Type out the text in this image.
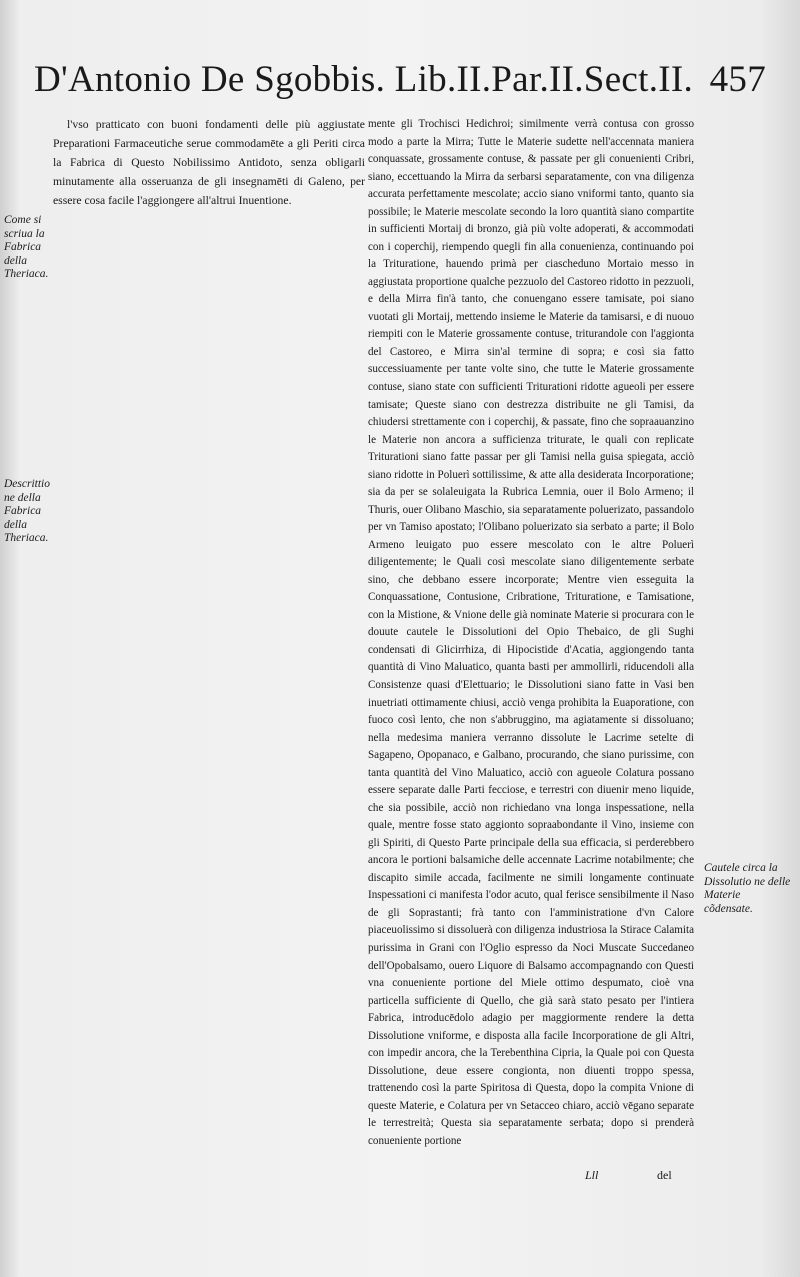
D'Antonio De Sgobbis. Lib.II.Par.II.Sect.II. 457
Come si scriua la Fabrica della Theriaca.
Descrittio ne della Fabrica della Theriaca.
Cautele circa la Dissolutio ne delle Materie cõdensate.

l'vso pratticato con buoni fondamenti delle più aggiustate Preparationi Farmaceutiche serue commodamēte a gli Periti circa la Fabrica di Questo Nobilissimo Antidoto, senza obligarli minutamente alla osseruanza de gli insegnamēti di Galeno, per essere cosa facile l'aggiongere all'altrui Inuentione.

mente gli Trochisci Hedichroi; similmente verrà contusa con grosso modo a parte la Mirra; Tutte le Materie sudette nell'accennata maniera conquassate, grossamente contuse, & passate per gli conuenienti Cribri, siano, eccettuando la Mirra da serbarsi separatamente, con vna diligenza accurata perfettamente mescolate; accio siano vniformi tanto, quanto sia possibile; le Materie mescolate secondo la loro quantità siano compartite in sufficienti Mortaij di bronzo, già più volte adoperati, & accommodati con i coperchij, riempendo quegli fin alla conuenienza, continuando poi la Trituratione, hauendo primà per ciascheduno Mortaio messo in aggiustata proportione qualche pezzuolo del Castoreo ridotto in pezzuoli, e della Mirra fin'à tanto, che conuengano essere tamisate, poi siano vuotati gli Mortaij, mettendo insieme le Materie da tamisarsi, e di nuouo riempiti con le Materie grossamente contuse, triturandole con l'aggionta del Castoreo, e Mirra sin'al termine di sopra; e così sia fatto successiuamente per tante volte sino, che tutte le Materie grossamente contuse, siano state con sufficienti Triturationi ridotte agueoli per essere tamisate; Queste siano con destrezza distribuite ne gli Tamisi, da chiudersi strettamente con i coperchij, & passate, fino che sopraauanzino le Materie non ancora a sufficienza triturate, le quali con replicate Triturationi siano fatte passar per gli Tamisi nella guisa spiegata, acciò siano ridotte in Poluerì sottilissime, & atte alla desiderata Incorporatione; sia da per se solaleuigata la Rubrica Lemnia, ouer il Bolo Armeno; il Thuris, ouer Olibano Maschio, sia separatamente poluerizato, passandolo per vn Tamiso apostato; l'Olibano poluerizato sia serbato a parte; il Bolo Armeno leuigato puo essere mescolato con le altre Poluerì diligentemente; le Quali così mescolate siano diligentemente serbate sino, che debbano essere incorporate; Mentre vien esseguita la Conquassatione, Contusione, Cribratione, Trituratione, e Tamisatione, con la Mistione, & Vnione delle già nominate Materie si procurara con le douute cautele le Dissolutioni del Opio Thebaico, de gli Sughi condensati di Glicirrhiza, di Hipocistide d'Acatia, aggiongendo tanta quantità di Vino Maluatico, quanta basti per ammollirli, riducendoli alla Consistenze quasi d'Elettuario; le Dissolutioni siano fatte in Vasi ben inuetriati ottimamente chiusi, acciò venga prohibita la Euaporatione, con fuoco così lento, che non s'abbruggino, ma agiatamente si dissoluano; nella medesima maniera verranno dissolute le Lacrime setelte di Sagapeno, Opopanaco, e Galbano, procurando, che siano purissime, con tanta quantità del Vino Maluatico, acciò con agueole Colatura possano essere separate dalle Parti fecciose, e terrestri con diuenir meno liquide, che sia possibile, acciò non richiedano vna longa inspessatione, nella quale, mentre fosse stato aggionto sopraabondante il Vino, insieme con gli Spiriti, di Questo Parte principale della sua efficacia, si perderebbero ancora le portioni balsamiche delle accennate Lacrime notabilmente; che discapito simile accada, facilmente ne simili longamente continuate Inspessationi ci manifesta l'odor acuto, qual ferisce sensibilmente il Naso de gli Soprastanti; frà tanto con l'amministratione d'vn Calore piaceuolissimo si dissoluerà con diligenza industriosa la Stirace Calamita purissima in Grani con l'Oglio espresso da Noci Muscate Succedaneo dell'Opobalsamo, ouero Liquore di Balsamo accompagnando con Questi vna conueniente portione del Miele ottimo despumato, cioè vna particella sufficiente di Quello, che già sarà stato pesato per l'intiera Fabrica, introducēdolo adagio per maggiormente rendere la detta Dissolutione vniforme, e disposta alla facile Incorporatione de gli Altri, con impedir ancora, che la Terebenthina Cipria, la Quale poi con Questa Dissolutione, deue essere congionta, non diuenti troppo spessa, trattenendo così la parte Spiritosa di Questa, dopo la compita Vnione di queste Materie, e Colatura per vn Setacceo chiaro, acciò vēgano separate le terrestreità; Questa sia separatamente serbata; dopo si prenderà conueniente portione

Lll	del
